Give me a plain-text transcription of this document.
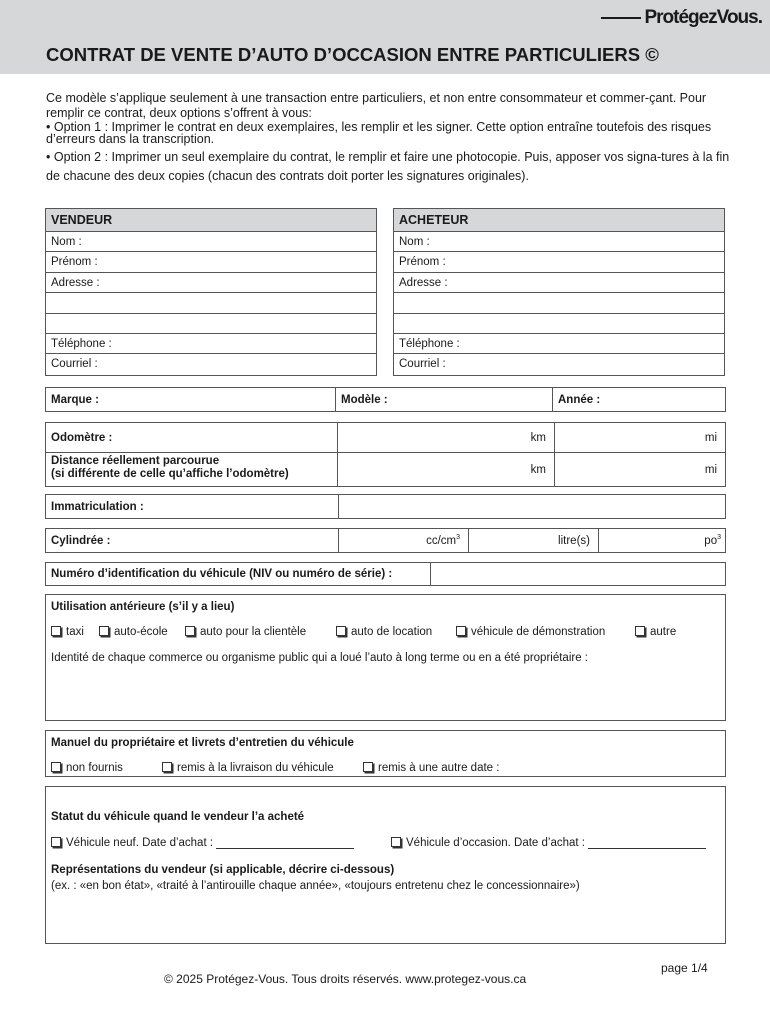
ProtégezVous.
CONTRAT DE VENTE D’AUTO D’OCCASION ENTRE PARTICULIERS ©

Ce modèle s’applique seulement à une transaction entre particuliers, et non entre consommateur et commer-çant. Pour remplir ce contrat, deux options s’offrent à vous:

• Option 1 : Imprimer le contrat en deux exemplaires, les remplir et les signer. Cette option entraîne toutefois des risques d’erreurs dans la transcription.

• Option 2 : Imprimer un seul exemplaire du contrat, le remplir et faire une photocopie. Puis, apposer vos signa-tures à la fin de chacune des deux copies (chacun des contrats doit porter les signatures originales).

VENDEUR
Nom :
Prénom :
Adresse :
Téléphone :
Courriel :
ACHETEUR
Nom :
Prénom :
Adresse :
Téléphone :
Courriel :
Marque :	Modèle :	Année :
Odomètre :	km	mi
Distance réellement parcourue
(si différente de celle qu’affiche l’odomètre)	km	mi
Immatriculation :
Cylindrée :	$cc/cm^3$	litre(s)	$po^3$
Numéro d’identification du véhicule (NIV ou numéro de série) :
Utilisation antérieure (s’il y a lieu)
taxi	auto-école	auto pour la clientèle	auto de location	véhicule de démonstration	autre
Identité de chaque commerce ou organisme public qui a loué l’auto à long terme ou en a été propriétaire :
Manuel du propriétaire et livrets d’entretien du véhicule
non fournis	remis à la livraison du véhicule	remis à une autre date :
Statut du véhicule quand le vendeur l’a acheté
Véhicule neuf. Date d’achat :	Véhicule d’occasion. Date d’achat :
Représentations du vendeur (si applicable, décrire ci-dessous)
(ex. : «en bon état», «traité à l’antirouille chaque année», «toujours entretenu chez le concessionnaire»)
page 1/4
© 2025 Protégez-Vous. Tous droits réservés. www.protegez-vous.ca
